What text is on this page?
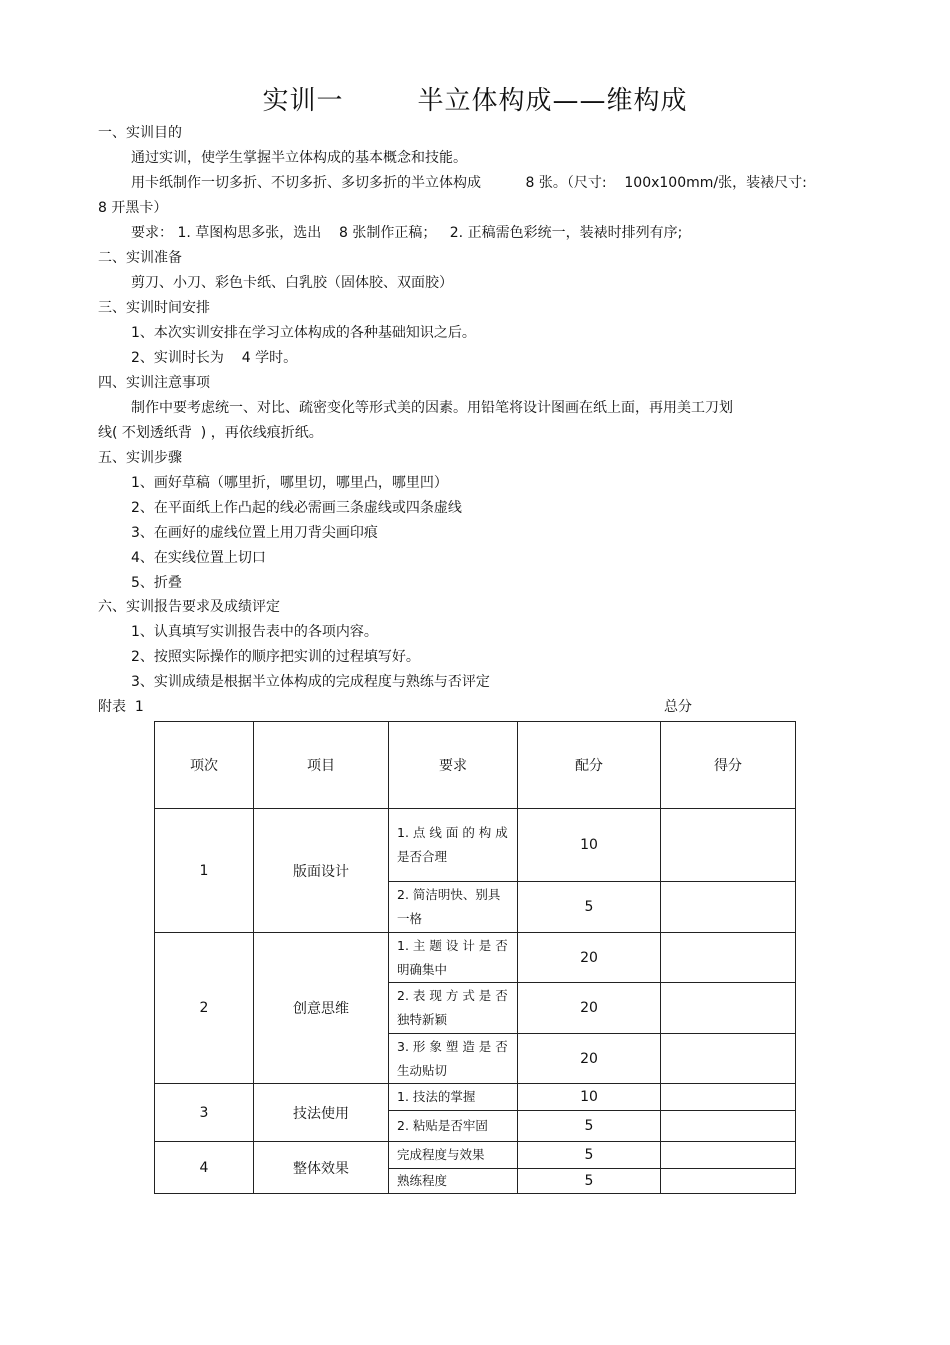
实训一        半立体构成——维构成
一、实训目的
通过实训，使学生掌握半立体构成的基本概念和技能。
用卡纸制作一切多折、不切多折、多切多折的半立体构成          8 张。（尺寸:    100x100mm/张，装裱尺寸:
8 开黑卡）
要求： 1. 草图构思多张，选出    8 张制作正稿；   2. 正稿需色彩统一，装裱时排列有序;
二、实训准备
剪刀、小刀、彩色卡纸、白乳胶（固体胶、双面胶）
三、实训时间安排
1、本次实训安排在学习立体构成的各种基础知识之后。
2、实训时长为    4 学时。
四、实训注意事项
制作中要考虑统一、对比、疏密变化等形式美的因素。用铅笔将设计图画在纸上面，再用美工刀划
线( 不划透纸背  ) ，再依线痕折纸。
五、实训步骤
1、画好草稿（哪里折，哪里切，哪里凸，哪里凹）
2、在平面纸上作凸起的线必需画三条虚线或四条虚线
3、在画好的虚线位置上用刀背尖画印痕
4、在实线位置上切口
5、折叠
六、实训报告要求及成绩评定
1、认真填写实训报告表中的各项内容。
2、按照实际操作的顺序把实训的过程填写好。
3、实训成绩是根据半立体构成的完成程度与熟练与否评定
附表  1	总分
项次	项目	要求	配分	得分
1	版面设计	1. 点 线 面 的 构 成 是否合理	10	
		2. 简洁明快、别具一格	5	
2	创意思维	1. 主 题 设 计 是 否 明确集中	20	
		2. 表 现 方 式 是 否 独特新颖	20	
		3. 形 象 塑 造 是 否 生动贴切	20	
3	技法使用	1. 技法的掌握	10	
		2. 粘贴是否牢固	5	
4	整体效果	完成程度与效果	5	
		熟练程度	5	
